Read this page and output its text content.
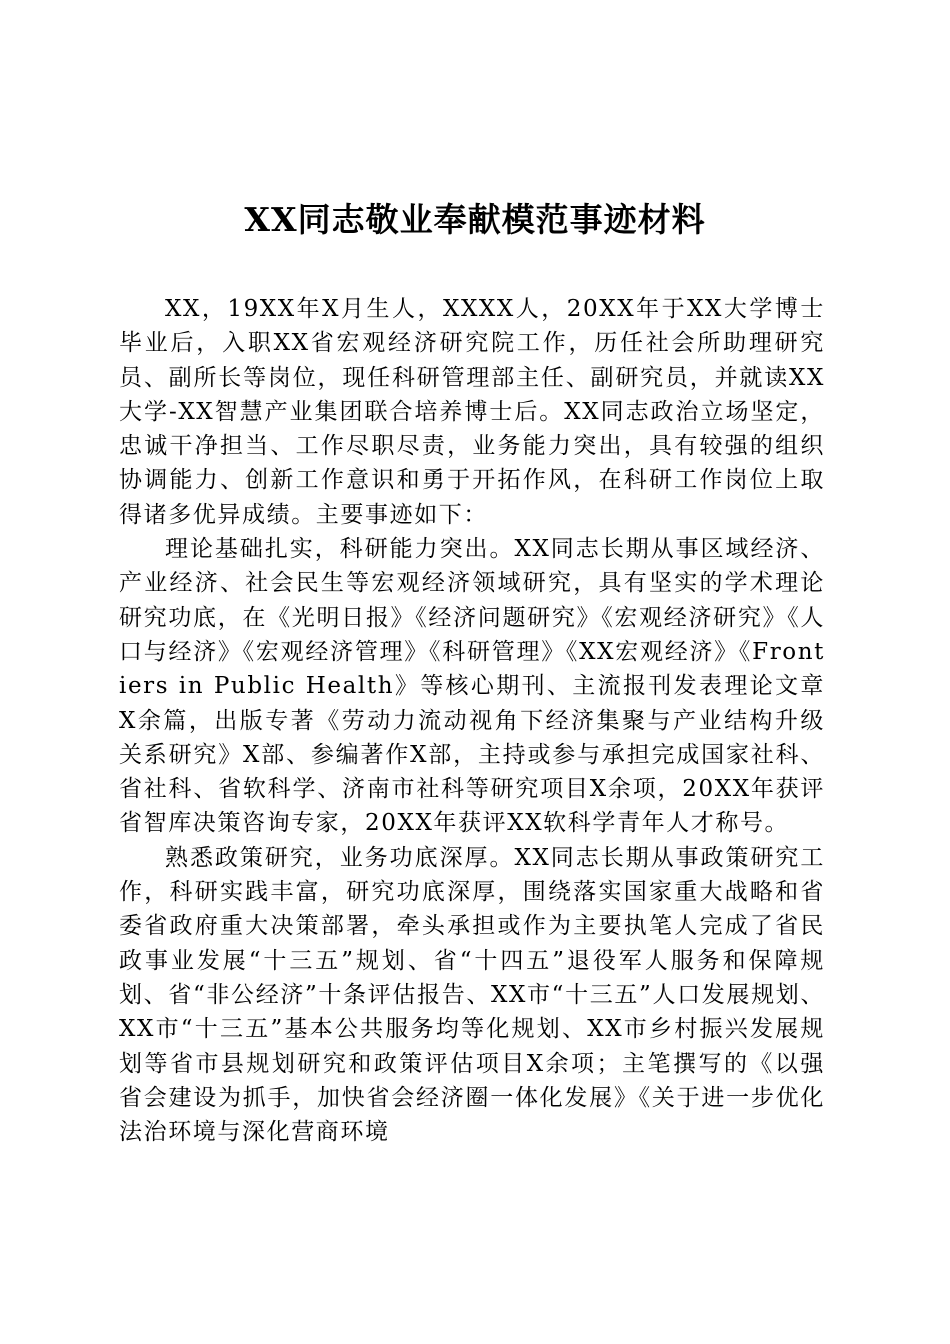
XX同志敬业奉献模范事迹材料

XX，19XX年X月生人，XXXX人，20XX年于XX大学博士毕业后，入职XX省宏观经济研究院工作，历任社会所助理研究员、副所长等岗位，现任科研管理部主任、副研究员，并就读XX大学-XX智慧产业集团联合培养博士后。XX同志政治立场坚定，忠诚干净担当、工作尽职尽责，业务能力突出，具有较强的组织协调能力、创新工作意识和勇于开拓作风，在科研工作岗位上取得诸多优异成绩。主要事迹如下：

理论基础扎实，科研能力突出。XX同志长期从事区域经济、产业经济、社会民生等宏观经济领域研究，具有坚实的学术理论研究功底，在《光明日报》《经济问题研究》《宏观经济研究》《人口与经济》《宏观经济管理》《科研管理》《XX宏观经济》《Frontiers in Public Health》等核心期刊、主流报刊发表理论文章X余篇，出版专著《劳动力流动视角下经济集聚与产业结构升级关系研究》X部、参编著作X部，主持或参与承担完成国家社科、省社科、省软科学、济南市社科等研究项目X余项，20XX年获评省智库决策咨询专家，20XX年获评XX软科学青年人才称号。

熟悉政策研究，业务功底深厚。XX同志长期从事政策研究工作，科研实践丰富，研究功底深厚，围绕落实国家重大战略和省委省政府重大决策部署，牵头承担或作为主要执笔人完成了省民政事业发展“十三五”规划、省“十四五”退役军人服务和保障规划、省“非公经济”十条评估报告、XX市“十三五”人口发展规划、XX市“十三五”基本公共服务均等化规划、XX市乡村振兴发展规划等省市县规划研究和政策评估项目X余项；主笔撰写的《以强省会建设为抓手，加快省会经济圈一体化发展》《关于进一步优化法治环境与深化营商环境
